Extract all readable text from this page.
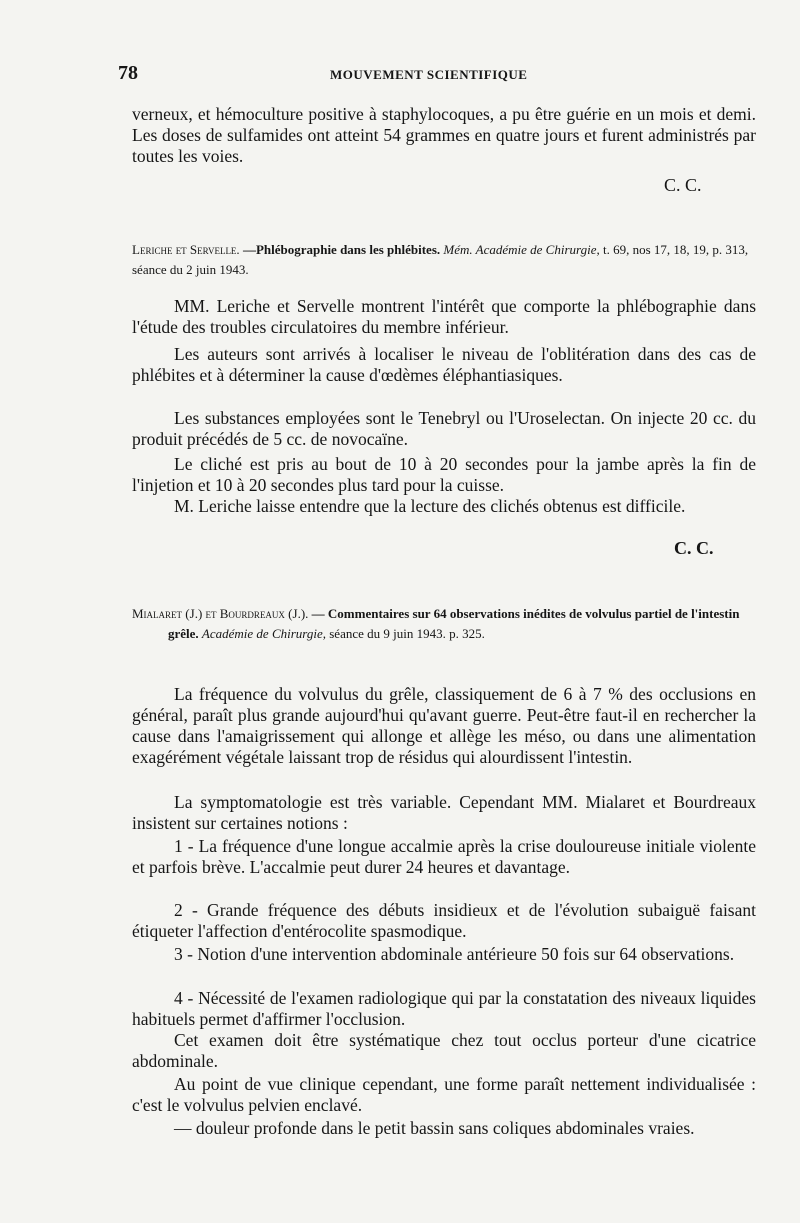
78	MOUVEMENT SCIENTIFIQUE
verneux, et hémoculture positive à staphylocoques, a pu être guérie en un mois et demi. Les doses de sulfamides ont atteint 54 grammes en quatre jours et furent administrés par toutes les voies.
C. C.
Leriche et Servelle. —Phlébographie dans les phlébites. Mém. Académie de Chirurgie, t. 69, nos 17, 18, 19, p. 313, séance du 2 juin 1943.
MM. Leriche et Servelle montrent l'intérêt que comporte la phlébographie dans l'étude des troubles circulatoires du membre inférieur.
Les auteurs sont arrivés à localiser le niveau de l'oblitération dans des cas de phlébites et à déterminer la cause d'œdèmes éléphantiasiques.
Les substances employées sont le Tenebryl ou l'Uroselectan. On injecte 20 cc. du produit précédés de 5 cc. de novocaïne.
Le cliché est pris au bout de 10 à 20 secondes pour la jambe après la fin de l'injetion et 10 à 20 secondes plus tard pour la cuisse.
M. Leriche laisse entendre que la lecture des clichés obtenus est difficile.
C. C.
Mialaret (J.) et Bourdreaux (J.). — Commentaires sur 64 observations inédites de volvulus partiel de l'intestin grêle. Académie de Chirurgie, séance du 9 juin 1943. p. 325.
La fréquence du volvulus du grêle, classiquement de 6 à 7 % des occlusions en général, paraît plus grande aujourd'hui qu'avant guerre. Peut-être faut-il en rechercher la cause dans l'amaigrissement qui allonge et allège les méso, ou dans une alimentation exagérément végétale laissant trop de résidus qui alourdissent l'intestin.
La symptomatologie est très variable. Cependant MM. Mialaret et Bourdreaux insistent sur certaines notions :
1 - La fréquence d'une longue accalmie après la crise douloureuse initiale violente et parfois brève. L'accalmie peut durer 24 heures et davantage.
2 - Grande fréquence des débuts insidieux et de l'évolution subaiguë faisant étiqueter l'affection d'entérocolite spasmodique.
3 - Notion d'une intervention abdominale antérieure 50 fois sur 64 observations.
4 - Nécessité de l'examen radiologique qui par la constatation des niveaux liquides habituels permet d'affirmer l'occlusion.
Cet examen doit être systématique chez tout occlus porteur d'une cicatrice abdominale.
Au point de vue clinique cependant, une forme paraît nettement individualisée : c'est le volvulus pelvien enclavé.
— douleur profonde dans le petit bassin sans coliques abdominales vraies.
